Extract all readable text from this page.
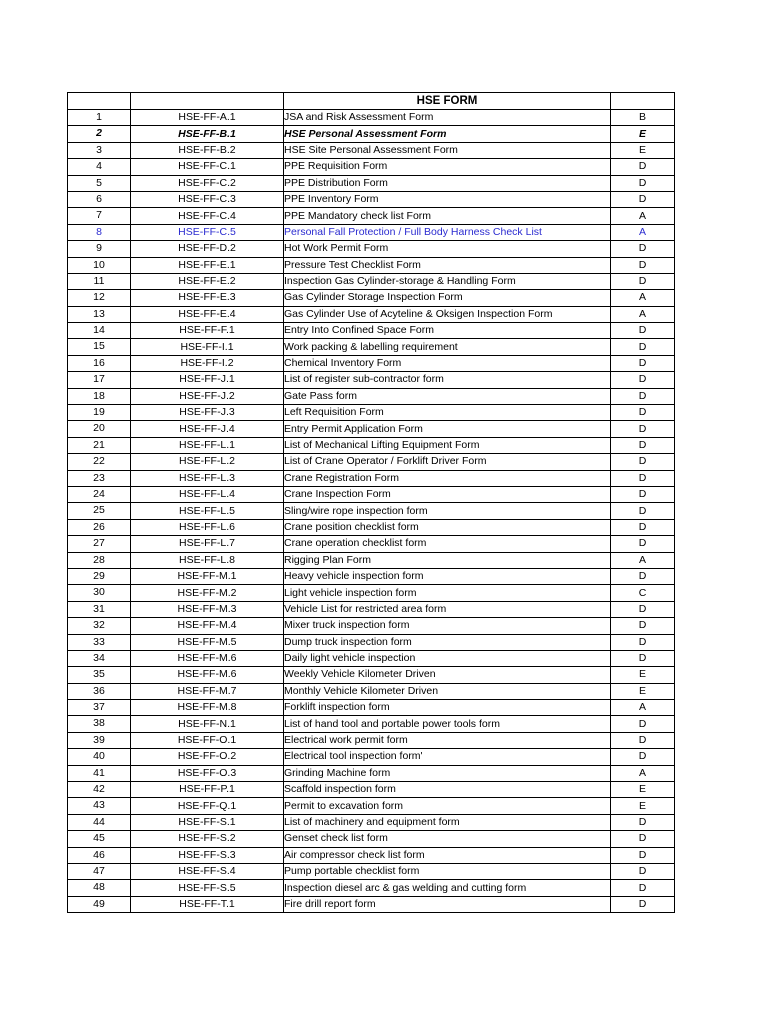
		HSE FORM	
1	HSE-FF-A.1	JSA and Risk Assessment Form	B
2	HSE-FF-B.1	HSE Personal Assessment Form	E
3	HSE-FF-B.2	HSE Site Personal Assessment Form	E
4	HSE-FF-C.1	PPE Requisition Form	D
5	HSE-FF-C.2	PPE Distribution Form	D
6	HSE-FF-C.3	PPE Inventory Form	D
7	HSE-FF-C.4	PPE Mandatory check list Form	A
8	HSE-FF-C.5	Personal Fall Protection / Full Body Harness Check List	A
9	HSE-FF-D.2	Hot Work Permit Form	D
10	HSE-FF-E.1	Pressure Test Checklist Form	D
11	HSE-FF-E.2	Inspection Gas Cylinder-storage & Handling Form	D
12	HSE-FF-E.3	Gas Cylinder Storage Inspection Form	A
13	HSE-FF-E.4	Gas Cylinder Use of Acyteline & Oksigen Inspection Form	A
14	HSE-FF-F.1	Entry Into Confined Space Form	D
15	HSE-FF-I.1	Work packing & labelling requirement	D
16	HSE-FF-I.2	Chemical Inventory Form	D
17	HSE-FF-J.1	List of register sub-contractor form	D
18	HSE-FF-J.2	Gate Pass form	D
19	HSE-FF-J.3	Left Requisition Form	D
20	HSE-FF-J.4	Entry Permit Application Form	D
21	HSE-FF-L.1	List of Mechanical Lifting Equipment Form	D
22	HSE-FF-L.2	List of Crane Operator / Forklift Driver Form	D
23	HSE-FF-L.3	Crane Registration Form	D
24	HSE-FF-L.4	Crane Inspection Form	D
25	HSE-FF-L.5	Sling/wire rope inspection form	D
26	HSE-FF-L.6	Crane position checklist form	D
27	HSE-FF-L.7	Crane operation checklist form	D
28	HSE-FF-L.8	Rigging Plan Form	A
29	HSE-FF-M.1	Heavy vehicle inspection form	D
30	HSE-FF-M.2	Light vehicle inspection form	C
31	HSE-FF-M.3	Vehicle List for restricted area form	D
32	HSE-FF-M.4	Mixer truck inspection form	D
33	HSE-FF-M.5	Dump truck inspection form	D
34	HSE-FF-M.6	Daily light vehicle inspection	D
35	HSE-FF-M.6	Weekly Vehicle Kilometer Driven	E
36	HSE-FF-M.7	Monthly Vehicle Kilometer Driven	E
37	HSE-FF-M.8	Forklift inspection form	A
38	HSE-FF-N.1	List of hand tool and portable power tools form	D
39	HSE-FF-O.1	Electrical work permit form	D
40	HSE-FF-O.2	Electrical tool inspection form'	D
41	HSE-FF-O.3	Grinding Machine form	A
42	HSE-FF-P.1	Scaffold inspection form	E
43	HSE-FF-Q.1	Permit to excavation form	E
44	HSE-FF-S.1	List of machinery and equipment form	D
45	HSE-FF-S.2	Genset check list form	D
46	HSE-FF-S.3	Air compressor check list form	D
47	HSE-FF-S.4	Pump portable checklist form	D
48	HSE-FF-S.5	Inspection diesel arc & gas welding and cutting form	D
49	HSE-FF-T.1	Fire drill report form	D
